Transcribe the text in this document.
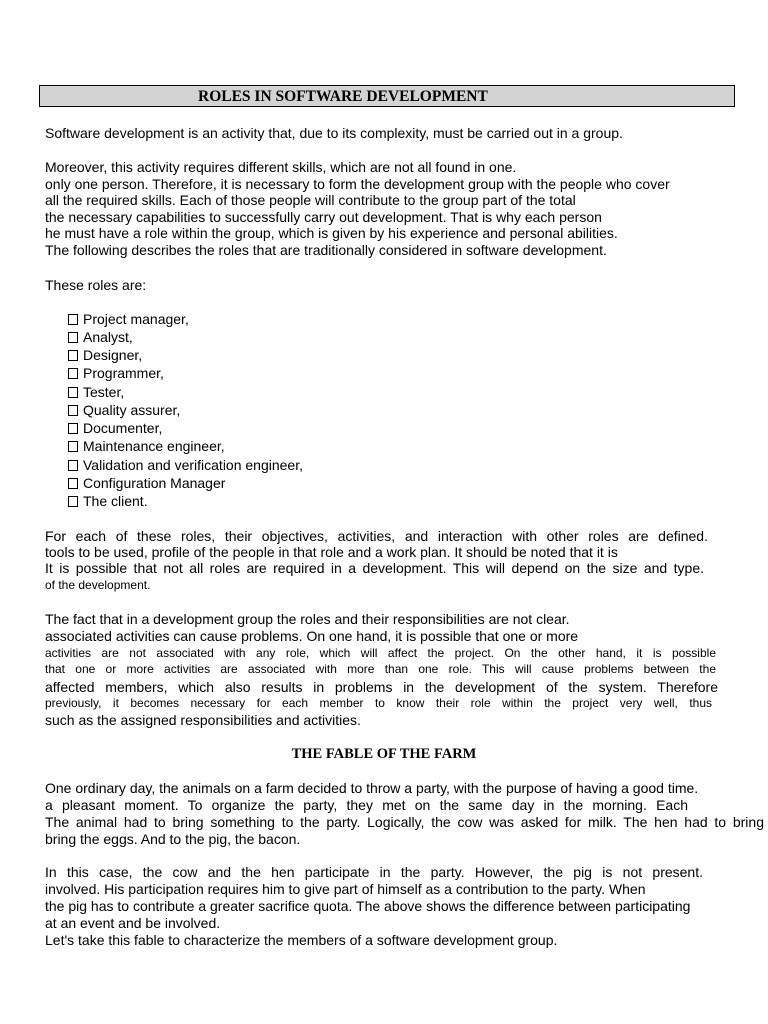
ROLES IN SOFTWARE DEVELOPMENT
Software development is an activity that, due to its complexity, must be carried out in a group.
Moreover, this activity requires different skills, which are not all found in one.
only one person. Therefore, it is necessary to form the development group with the people who cover
all the required skills. Each of those people will contribute to the group part of the total
the necessary capabilities to successfully carry out development. That is why each person
he must have a role within the group, which is given by his experience and personal abilities.
The following describes the roles that are traditionally considered in software development.
These roles are:
Project manager,
Analyst,
Designer,
Programmer,
Tester,
Quality assurer,
Documenter,
Maintenance engineer,
Validation and verification engineer,
Configuration Manager
The client.
For each of these roles, their objectives, activities, and interaction with other roles are defined.
tools to be used, profile of the people in that role and a work plan. It should be noted that it is
It is possible that not all roles are required in a development. This will depend on the size and type.
of the development.
The fact that in a development group the roles and their responsibilities are not clear.
associated activities can cause problems. On one hand, it is possible that one or more
activities are not associated with any role, which will affect the project. On the other hand, it is possible
that one or more activities are associated with more than one role. This will cause problems between the
affected members, which also results in problems in the development of the system. Therefore
previously, it becomes necessary for each member to know their role within the project very well, thus
such as the assigned responsibilities and activities.
THE FABLE OF THE FARM
One ordinary day, the animals on a farm decided to throw a party, with the purpose of having a good time.
a pleasant moment. To organize the party, they met on the same day in the morning. Each
The animal had to bring something to the party. Logically, the cow was asked for milk. The hen had to bring
bring the eggs. And to the pig, the bacon.
In this case, the cow and the hen participate in the party. However, the pig is not present.
involved. His participation requires him to give part of himself as a contribution to the party. When
the pig has to contribute a greater sacrifice quota. The above shows the difference between participating
at an event and be involved.
Let's take this fable to characterize the members of a software development group.
